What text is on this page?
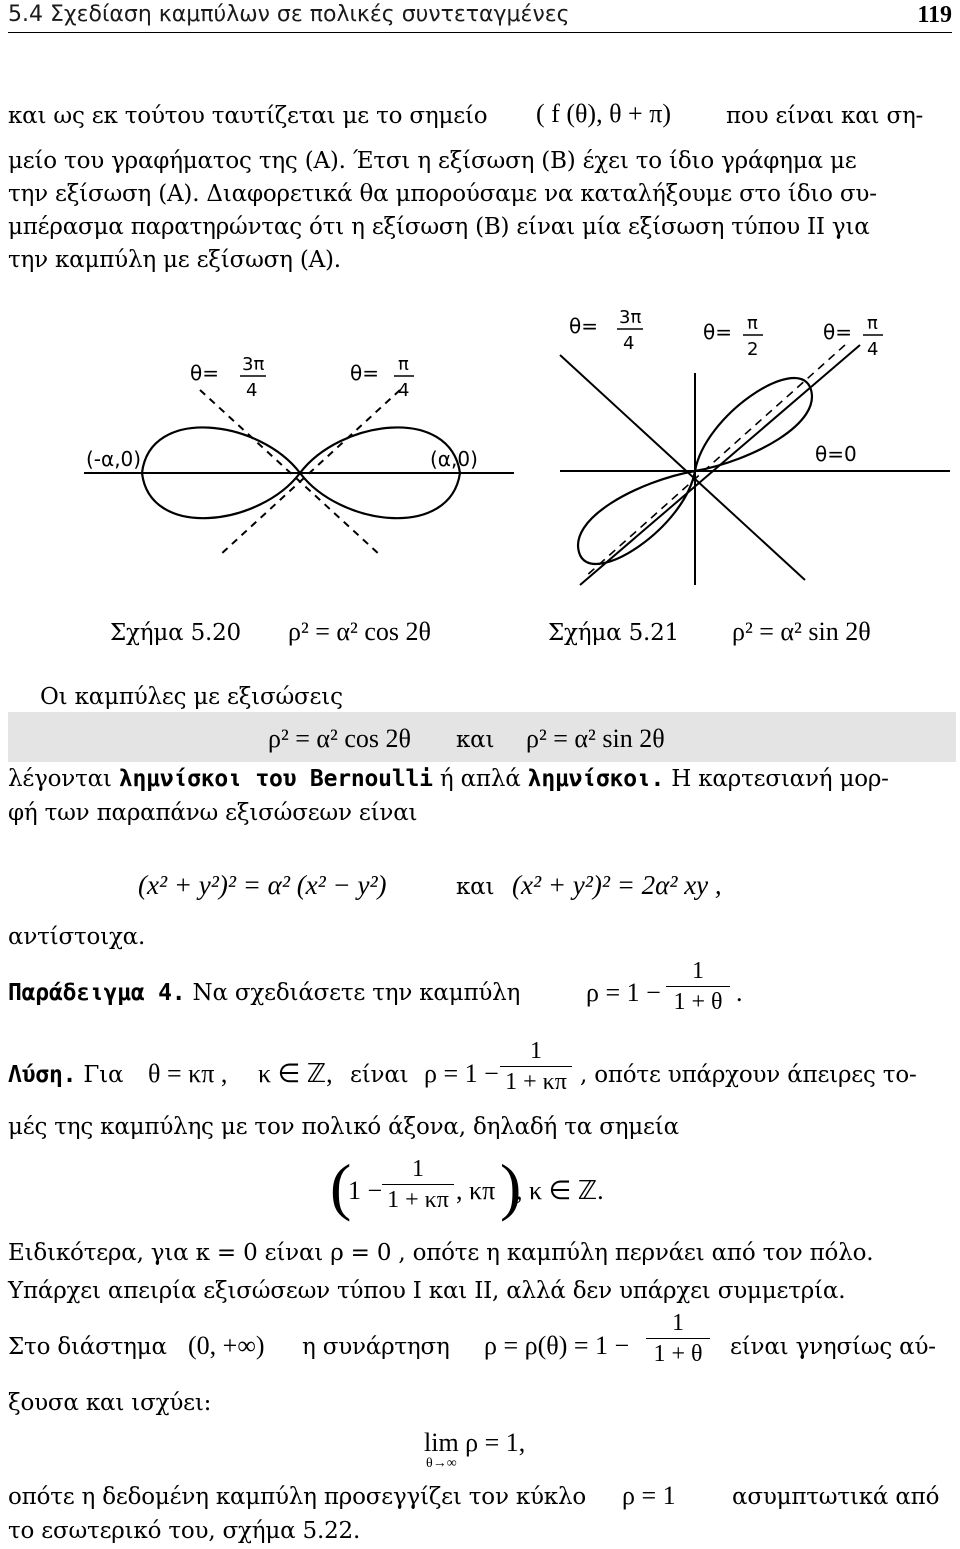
5.4 Σχεδίαση καμπύλων σε πολικές συντεταγμένες	119
και ως εκ τούτου ταυτίζεται με το σημείο ( f (θ), θ + π) που είναι και ση-
μείο του γραφήματος της (A). Έτσι η εξίσωση (B) έχει το ίδιο γράφημα με
την εξίσωση (A). Διαφορετικά θα μπορούσαμε να καταλήξουμε στο ίδιο συ-
μπέρασμα παρατηρώντας ότι η εξίσωση (B) είναι μία εξίσωση τύπου II για
την καμπύλη με εξίσωση (A).
θ= 3π
4
θ= π
4
(-α,0)	(α,0)
θ= 3π
4	θ= π
2
θ= π
4
θ=0
Σχήμα 5.20 ρ² = α² cos 2θ	Σχήμα 5.21 ρ² = α² sin 2θ
Οι καμπύλες με εξισώσεις
ρ² = α² cos 2θ και ρ² = α² sin 2θ
λέγονται λημνίσκοι του Bernoulli ή απλά λημνίσκοι. Η καρτεσιανή μορ-
φή των παραπάνω εξισώσεων είναι
(x² + y²)² = α² (x² − y²)	και (x² + y²)² = 2α² xy ,
αντίστοιχα.
Παράδειγμα 4. Να σχεδιάσετε την καμπύλη	ρ = 1 −
1
1 + θ .
Λύση. Για θ = κπ , κ ∈ ℤ, είναι ρ = 1 −
1
1 + κπ , οπότε υπάρχουν άπειρες το-
μές της καμπύλης με τον πολικό άξονα, δηλαδή τα σημεία
(
1 −
1
1 + κπ , κπ )
, κ ∈ ℤ.
Ειδικότερα, για κ = 0 είναι ρ = 0 , οπότε η καμπύλη περνάει από τον πόλο.
Υπάρχει απειρία εξισώσεων τύπου I και II, αλλά δεν υπάρχει συμμετρία.
Στο διάστημα (0, +∞) η συνάρτηση ρ = ρ(θ) = 1 −
1
1 + θ είναι γνησίως αύ-
ξουσα και ισχύει:
lim ρ = 1,
θ→∞
οπότε η δεδομένη καμπύλη προσεγγίζει τον κύκλο ρ = 1 ασυμπτωτικά από
το εσωτερικό του, σχήμα 5.22.
